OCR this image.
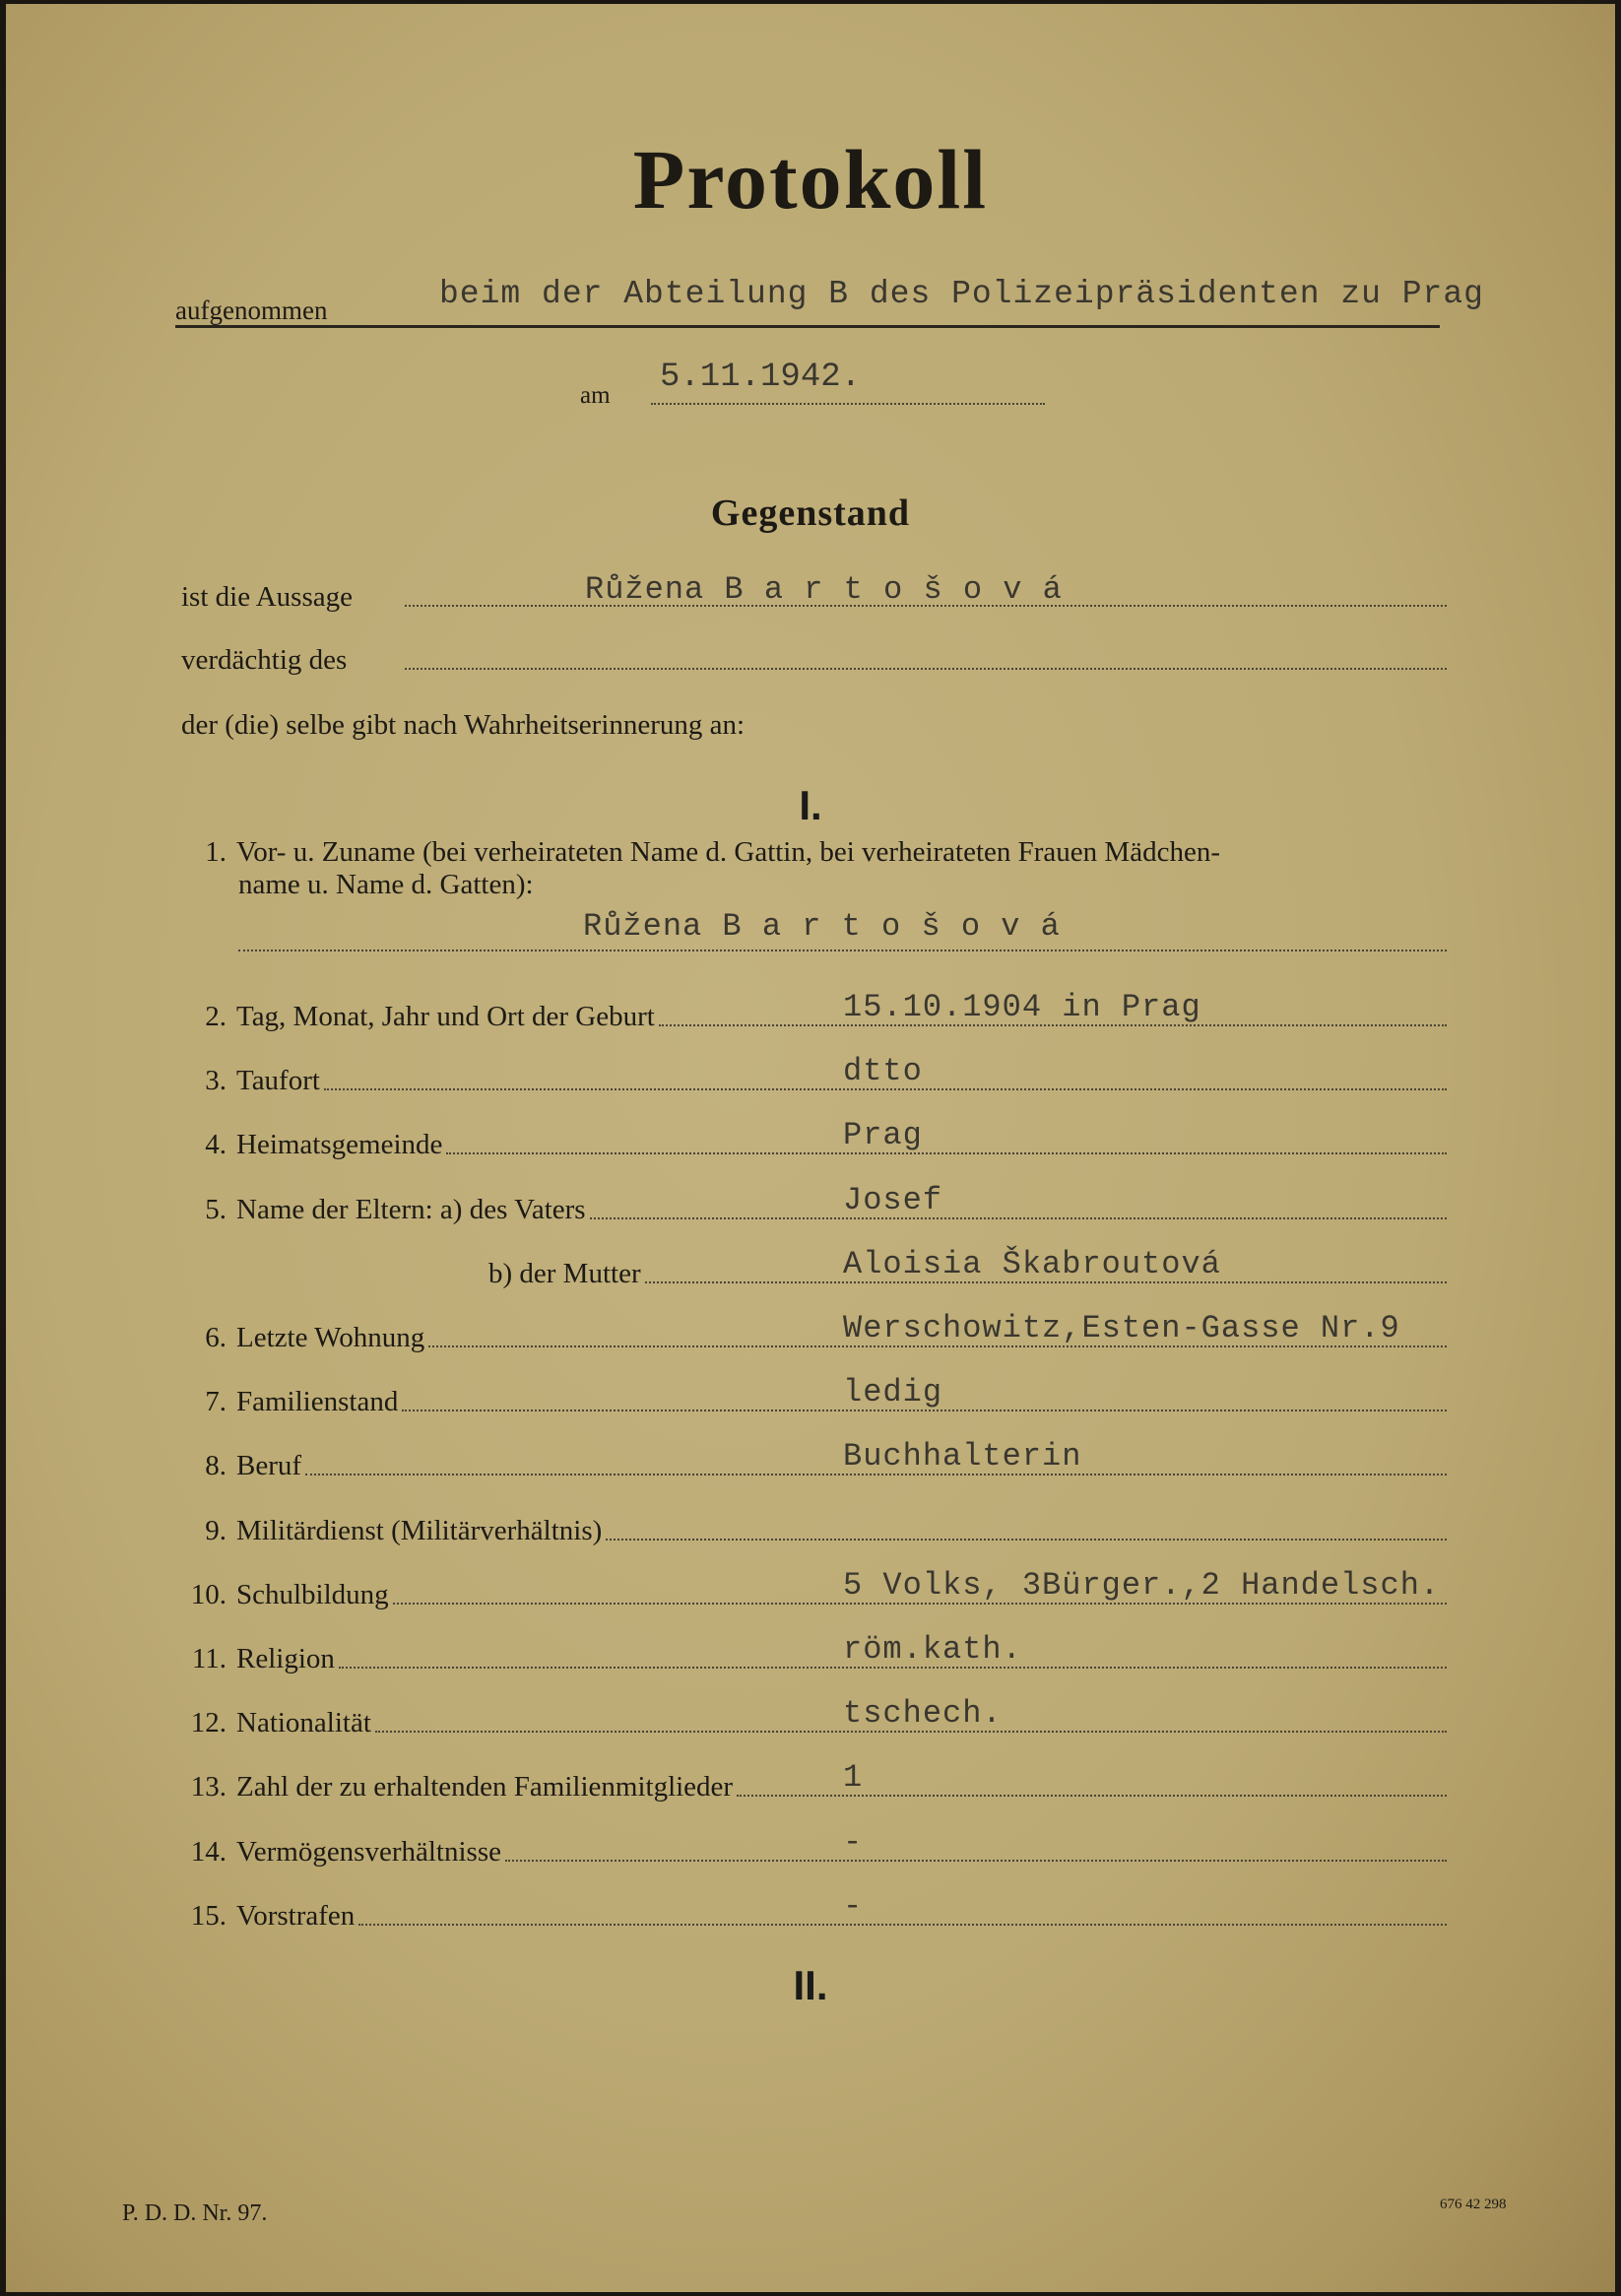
Protokoll
aufgenommen	beim der Abteilung B des Polizeipräsidenten zu Prag
am 5.11.1942.
Gegenstand
ist die Aussage	Růžena B a r t o š o v á
verdächtig des
der (die) selbe gibt nach Wahrheitserinnerung an:
I.
1. Vor- u. Zuname (bei verheirateten Name d. Gattin, bei verheirateten Frauen Mädchen-
name u. Name d. Gatten):
Růžena B a r t o š o v á
2. Tag, Monat, Jahr und Ort der Geburt	15.10.1904 in Prag
3. Taufort	dtto
4. Heimatsgemeinde	Prag
5. Name der Eltern: a) des Vaters	Josef
b) der Mutter	Aloisia Škabroutová
6. Letzte Wohnung	Werschowitz,Esten-Gasse Nr.9
7. Familienstand	ledig
8. Beruf	Buchhalterin
9. Militärdienst (Militärverhältnis)
10. Schulbildung	5 Volks, 3Bürger.,2 Handelsch.
11. Religion	röm.kath.
12. Nationalität	tschech.
13. Zahl der zu erhaltenden Familienmitglieder	1
14. Vermögensverhältnisse	-
15. Vorstrafen	-
II.
P. D. D. Nr. 97.	676 42 298
